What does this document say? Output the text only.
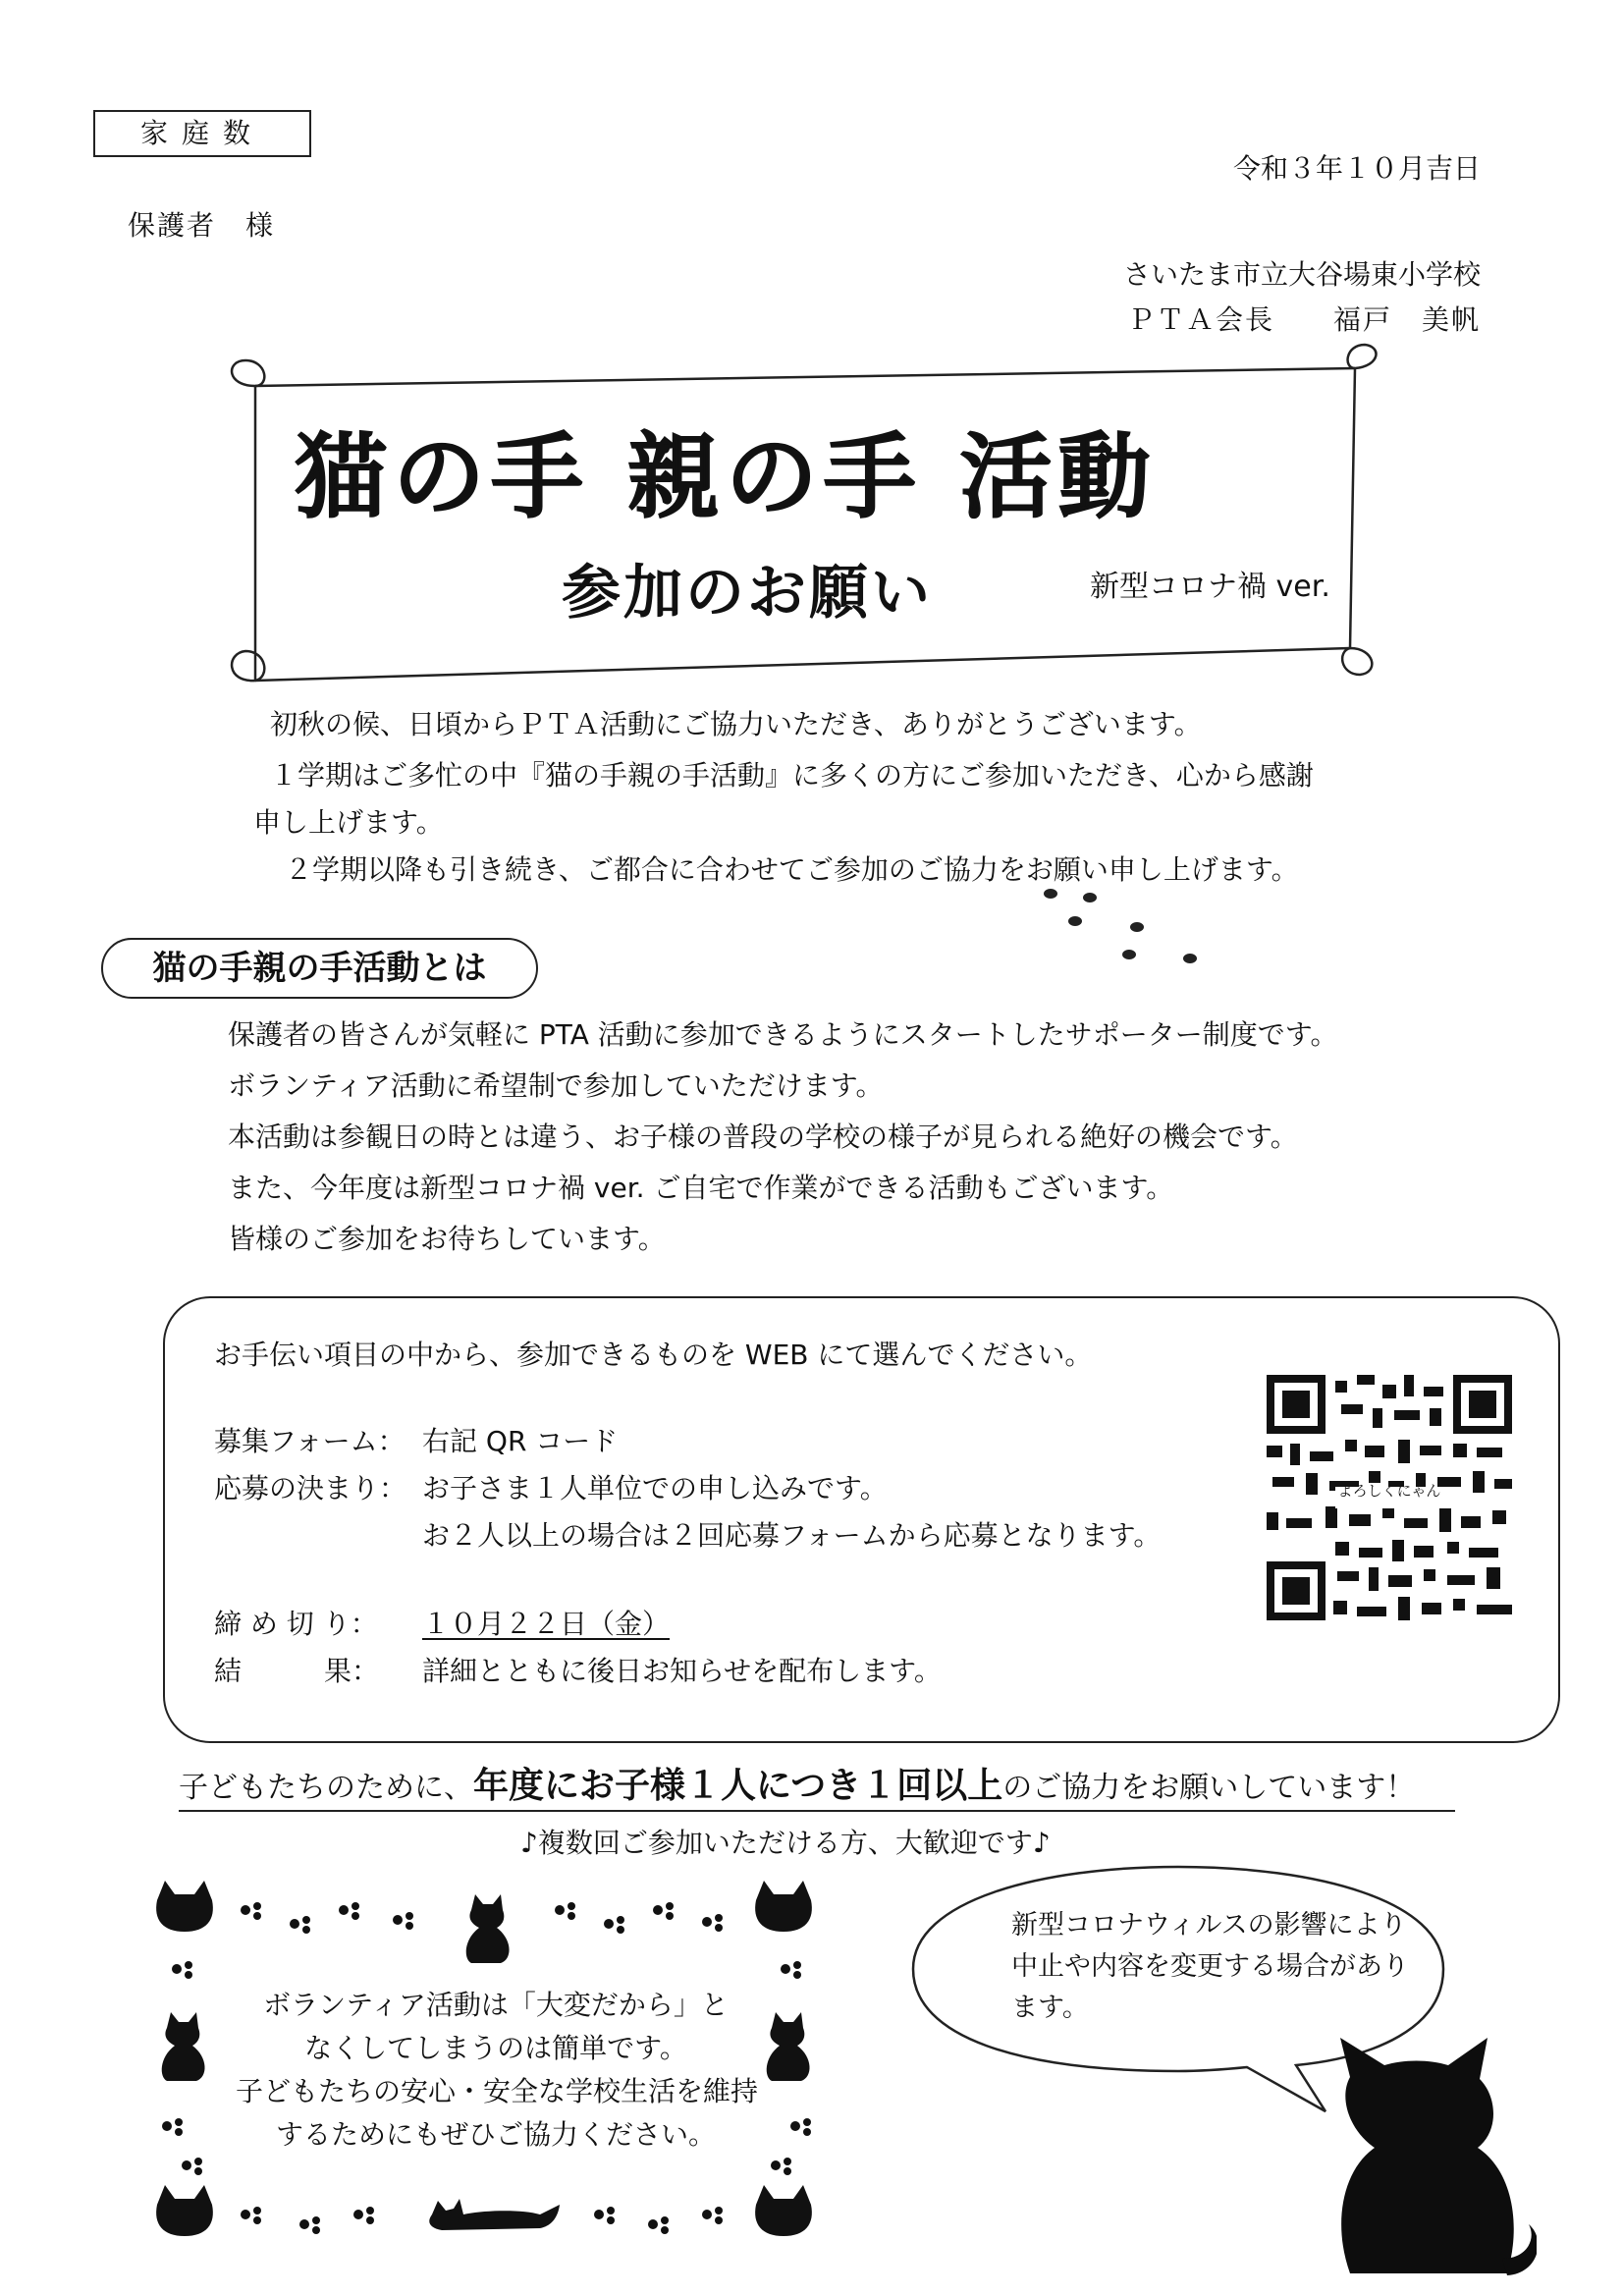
家庭数
令和３年１０月吉日
保護者　様
さいたま市立大谷場東小学校
ＰＴＡ会長　　福戸　美帆
猫の手 親の手 活動
参加のお願い	新型コロナ禍 ver.
初秋の候、日頃からＰＴＡ活動にご協力いただき、ありがとうございます。
１学期はご多忙の中『猫の手親の手活動』に多くの方にご参加いただき、心から感謝
申し上げます。
２学期以降も引き続き、ご都合に合わせてご参加のご協力をお願い申し上げます。
猫の手親の手活動とは
保護者の皆さんが気軽に PTA 活動に参加できるようにスタートしたサポーター制度です。
ボランティア活動に希望制で参加していただけます。
本活動は参観日の時とは違う、お子様の普段の学校の様子が見られる絶好の機会です。
また、今年度は新型コロナ禍 ver. ご自宅で作業ができる活動もございます。
皆様のご参加をお待ちしています。
お手伝い項目の中から、参加できるものを WEB にて選んでください。
募集フォーム： 右記 QR コード
応募の決まり： お子さま１人単位での申し込みです。
お２人以上の場合は２回応募フォームから応募となります。
締 め 切 り： １０月２２日（金）
結　　　果： 詳細とともに後日お知らせを配布します。
よろしくにゃん
子どもたちのために、年度にお子様１人につき１回以上のご協力をお願いしています！
♪複数回ご参加いただける方、大歓迎です♪
ボランティア活動は「大変だから」と
なくしてしまうのは簡単です。
子どもたちの安心・安全な学校生活を維持
するためにもぜひご協力ください。
新型コロナウィルスの影響により
中止や内容を変更する場合があり
ます。
